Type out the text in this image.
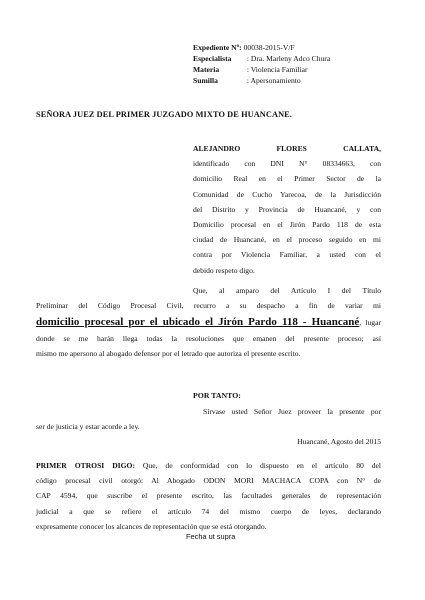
Expediente Nº: 00038-2015-V/F
Especialista : Dra. Marleny Adco Chura
Materia	: Violencia Familiar
Sumilla	: Apersonamiento
SEÑORA JUEZ DEL PRIMER JUZGADO MIXTO DE HUANCANE.
ALEJANDRO FLORES CALLATA,
identificado con DNI N° 08334663, con
domicilio Real en el Primer Sector de la
Comunidad de Cucho Yarecoa, de la Jurisdicción
del Distrito y Provincia de Huancané, y con
Domicilio procesal en el Jirón Pardo 118 de esta
ciudad de Huancané, en el proceso seguido en mi
contra por Violencia Familiar, a usted con el
debido respeto digo.
Que, al amparo del Artículo I del Título
Preliminar del Código Procesal Civil, recurro a su despacho a fin de variar mi
domicilio procesal por el ubicado el Jirón Pardo 118 - Huancané, lugar
donde se me harán llega todas la resoluciones que emanen del presente proceso; así
mismo me apersono al abogado defensor por el letrado que autoriza el presente escrito.
POR TANTO:
Sírvase usted Señor Juez proveer la presente por
ser de justicia y estar acorde a ley.
Huancané, Agosto del 2015
PRIMER OTROSI DIGO: Que, de conformidad con lo dispuesto en el artículo 80 del
código procesal civil otorgó: Al Abogado ODON MORI MACHACA COPA con N° de
CAP 4594, que suscribe el presente escrito, las facultades generales de representación
judicial a que se refiere el artículo 74 del mismo cuerpo de leyes, declarando
expresamente conocer los alcances de representación que se está otorgando.
Fecha ut supra
